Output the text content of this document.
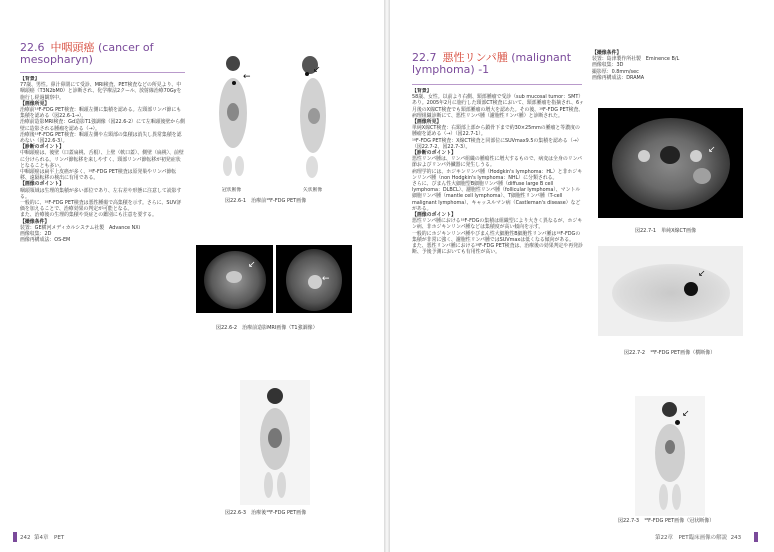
22.6 中咽頭癌 (cancer of
mesopharyn)

【背景】

77歳、男性。鼻汁鼻閉にて受診、MRI検査、PET検査などの所見より、中咽頭癌（T3N2bM0）と診断され、化学療法2クール、放射線治療70Gyを施行し経過観察中。

【画像所見】

治療前¹⁸F-FDG PET検査：咽頭左側に集積を認める。左頸部リンパ節にも集積を認める（図22.6-1→）。

治療前造影MRI検査：Gd造影T1強調像（図22.6-2）にて左咽頭後壁から側壁に造影される腫瘤を認める（→）。

治療後¹⁸F-FDG PET検査：咽頭左側や左頸部の集積は消失し異常集積を認めない（図22.6-3）。

【診断のポイント】

中咽頭癌は、後壁（口蓋扁桃、舌根）、上壁（軟口蓋）、側壁（扁桃）、前壁に分けられる。リンパ節転移を来しやすく、頸部リンパ節転移が初発症状となることも多い。

中咽頭癌は扁平上皮癌が多く、¹⁸F-FDG PET検査は原発巣やリンパ節転移、遠隔転移の検出に有用である。

【画像のポイント】

咽頭領域は生理的集積が多い部位であり、左右差や形態に注意して読影する。

一般的に、¹⁸F-FDG PET検査は悪性腫瘍で高集積を示す。さらに、SUV評価を加えることで、治療効果の判定が可能となる。

また、治療後の生理的集積や炎症との鑑別にも注意を要する。

【撮像条件】

装置：GE横河メディカルシステム社製　Advance NXi

画像収集：2D

画像再構成法：OS-EM

←
↙
冠状断像	矢状断像
図22.6-1　治療前¹⁸F-FDG PET画像
↙
←
図22.6-2　治療前造影MRI画像（T1強調像）
図22.6-3　治療後¹⁸F-FDG PET画像
242 第4章　PET
22.7 悪性リンパ腫 (malignant
lymphoma) -1

【背景】

58歳、女性。以前より右側、頸部腫瘤で受診（sub mucosal tumor：SMT）あり。2005年2月に施行した頸部CT検査において、頸部腫瘤を指摘され、6ヶ月後のX線CT検査でも頸部腫瘤の増大を認めた。その後、¹⁸F-FDG PET検査、病理組織診断にて、悪性リンパ腫（濾胞性リンパ腫）と診断された。

【画像所見】

単純X線CT検査：右頸部上部から鎖骨下まで約30×25mmの腫瘤と等濃度の腫瘤を認める（→）（図22.7-1）。

¹⁸F-FDG PET検査：X線CT検査と同部位にSUVmax9.5の集積を認める（→）（図22.7-2、図22.7-3）。

【診断のポイント】

悪性リンパ腫は、リンパ組織の腫瘍性に増大するもので、病変は全身のリンパ節およびリンパ外臓器に発生しうる。

病理学的には、ホジキンリンパ腫（Hodgkin's lymphoma：HL）と非ホジキンリンパ腫（non Hodgkin's lymphoma：NHL）に分類される。

さらに、びまん性大細胞型B細胞リンパ腫（diffuse large B cell lymphoma：DLBCL）、濾胞性リンパ腫（follicular lymphoma）、マントル細胞リンパ腫（mantle cell lymphoma）、T細胞性リンパ腫（T-cell malignant lymphoma）、キャッスルマン病（Castleman's disease）などがある。

【画像のポイント】

悪性リンパ腫における¹⁸F-FDGの集積は組織型により大きく異なるが、ホジキン病、非ホジキンリンパ腫などは集積度が高い傾向を示す。

一般的にホジキンリンパ腫やびまん性大細胞性B細胞性リンパ腫は¹⁸F-FDGの集積が非常に強く、濾胞性リンパ腫ではSUVmaxは低くなる傾向がある。

また、悪性リンパ腫における¹⁸F-FDG PET検査は、治療後の効果判定や再発診断、予後予測においても有用性が高い。

【撮像条件】

装置：島津製作所社製　Eminence B/L

画像収集：3D

撮影厚：0.8mm/sec

画像再構成法：DRAMA

↙
図22.7-1　単純X線CT画像
↙
図22.7-2　¹⁸F-FDG PET画像（横断像）
↙
図22.7-3　¹⁸F-FDG PET画像（冠状断像）
第22章　PET臨床画像の解説 243
